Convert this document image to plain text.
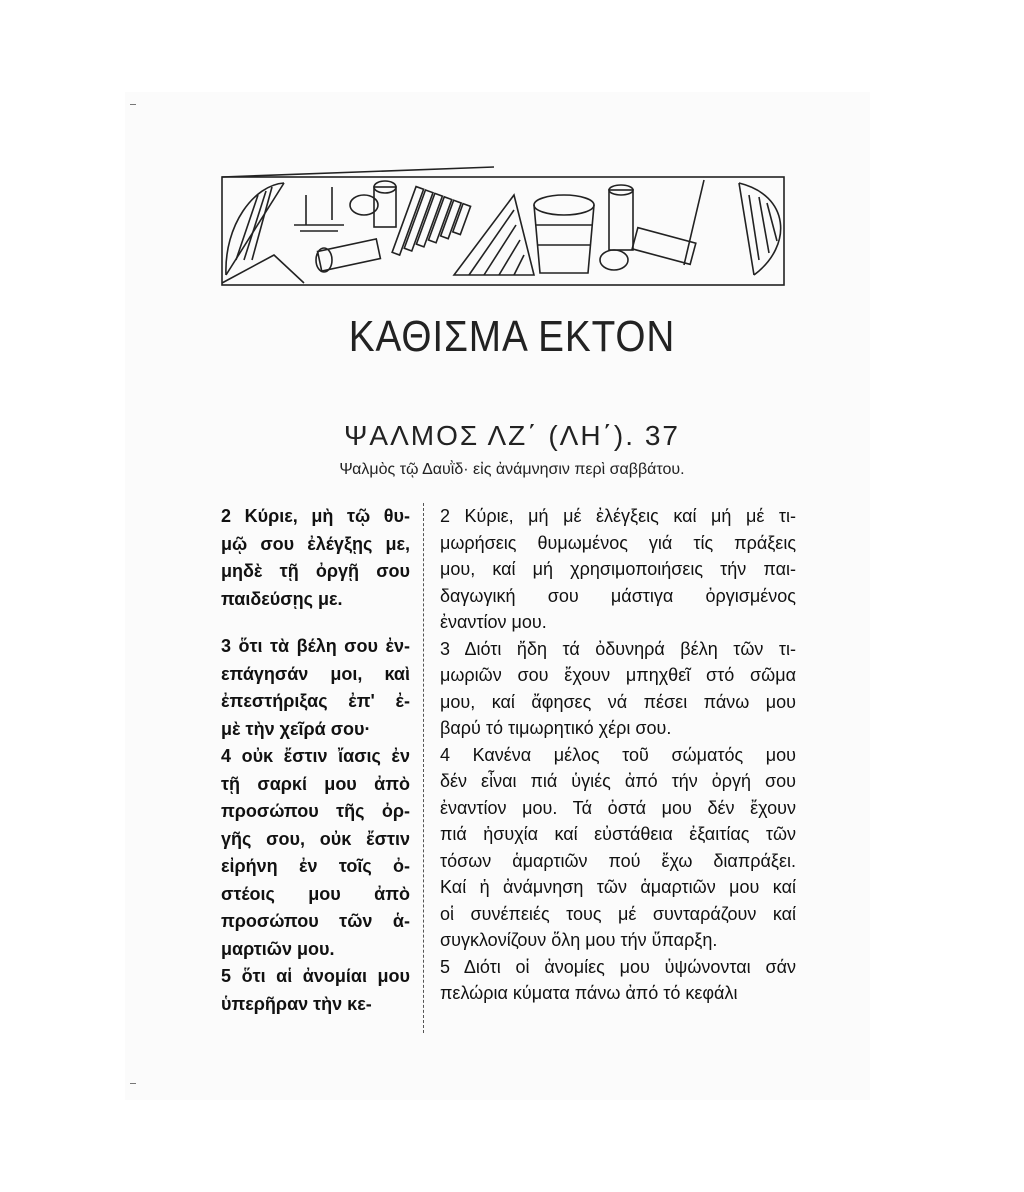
ΚΑΘΙΣΜΑ ΕΚΤΟΝ
ΨΑΛΜΟΣ ΛΖ΄ (ΛΗ΄). 37
Ψαλμὸς τῷ Δαυῒδ· εἰς ἀνάμνησιν περὶ σαββάτου.
2 Κύριε, μὴ τῷ θυ-
μῷ σου ἐλέγξῃς με,
μηδὲ τῇ ὀργῇ σου
παιδεύσῃς με.
3 ὅτι τὰ βέλη σου ἐν-
επάγησάν μοι, καὶ
ἐπεστήριξας ἐπ' ἐ-
μὲ τὴν χεῖρά σου·
4 οὐκ ἔστιν ἴασις ἐν
τῇ σαρκί μου ἀπὸ
προσώπου τῆς ὀρ-
γῆς σου, οὐκ ἔστιν
εἰρήνη ἐν τοῖς ὀ-
στέοις μου ἀπὸ
προσώπου τῶν ἁ-
μαρτιῶν μου.
5 ὅτι αἱ ἀνομίαι μου
ὑπερῆραν τὴν κε-
2 Κύριε, μή μέ ἐλέγξεις καί μή μέ τι-
μωρήσεις θυμωμένος γιά τίς πράξεις
μου, καί μή χρησιμοποιήσεις τήν παι-
δαγωγική σου μάστιγα ὀργισμένος
ἐναντίον μου.
3 Διότι ἤδη τά ὀδυνηρά βέλη τῶν τι-
μωριῶν σου ἔχουν μπηχθεῖ στό σῶμα
μου, καί ἄφησες νά πέσει πάνω μου
βαρύ τό τιμωρητικό χέρι σου.
4 Κανένα μέλος τοῦ σώματός μου
δέν εἶναι πιά ὑγιές ἀπό τήν ὀργή σου
ἐναντίον μου. Τά ὀστά μου δέν ἔχουν
πιά ἡσυχία καί εὐστάθεια ἐξαιτίας τῶν
τόσων ἁμαρτιῶν πού ἔχω διαπράξει.
Καί ἡ ἀνάμνηση τῶν ἁμαρτιῶν μου καί
οἱ συνέπειές τους μέ συνταράζουν καί
συγκλονίζουν ὅλη μου τήν ὕπαρξη.
5 Διότι οἱ ἀνομίες μου ὑψώνονται σάν
πελώρια κύματα πάνω ἀπό τό κεφάλι
